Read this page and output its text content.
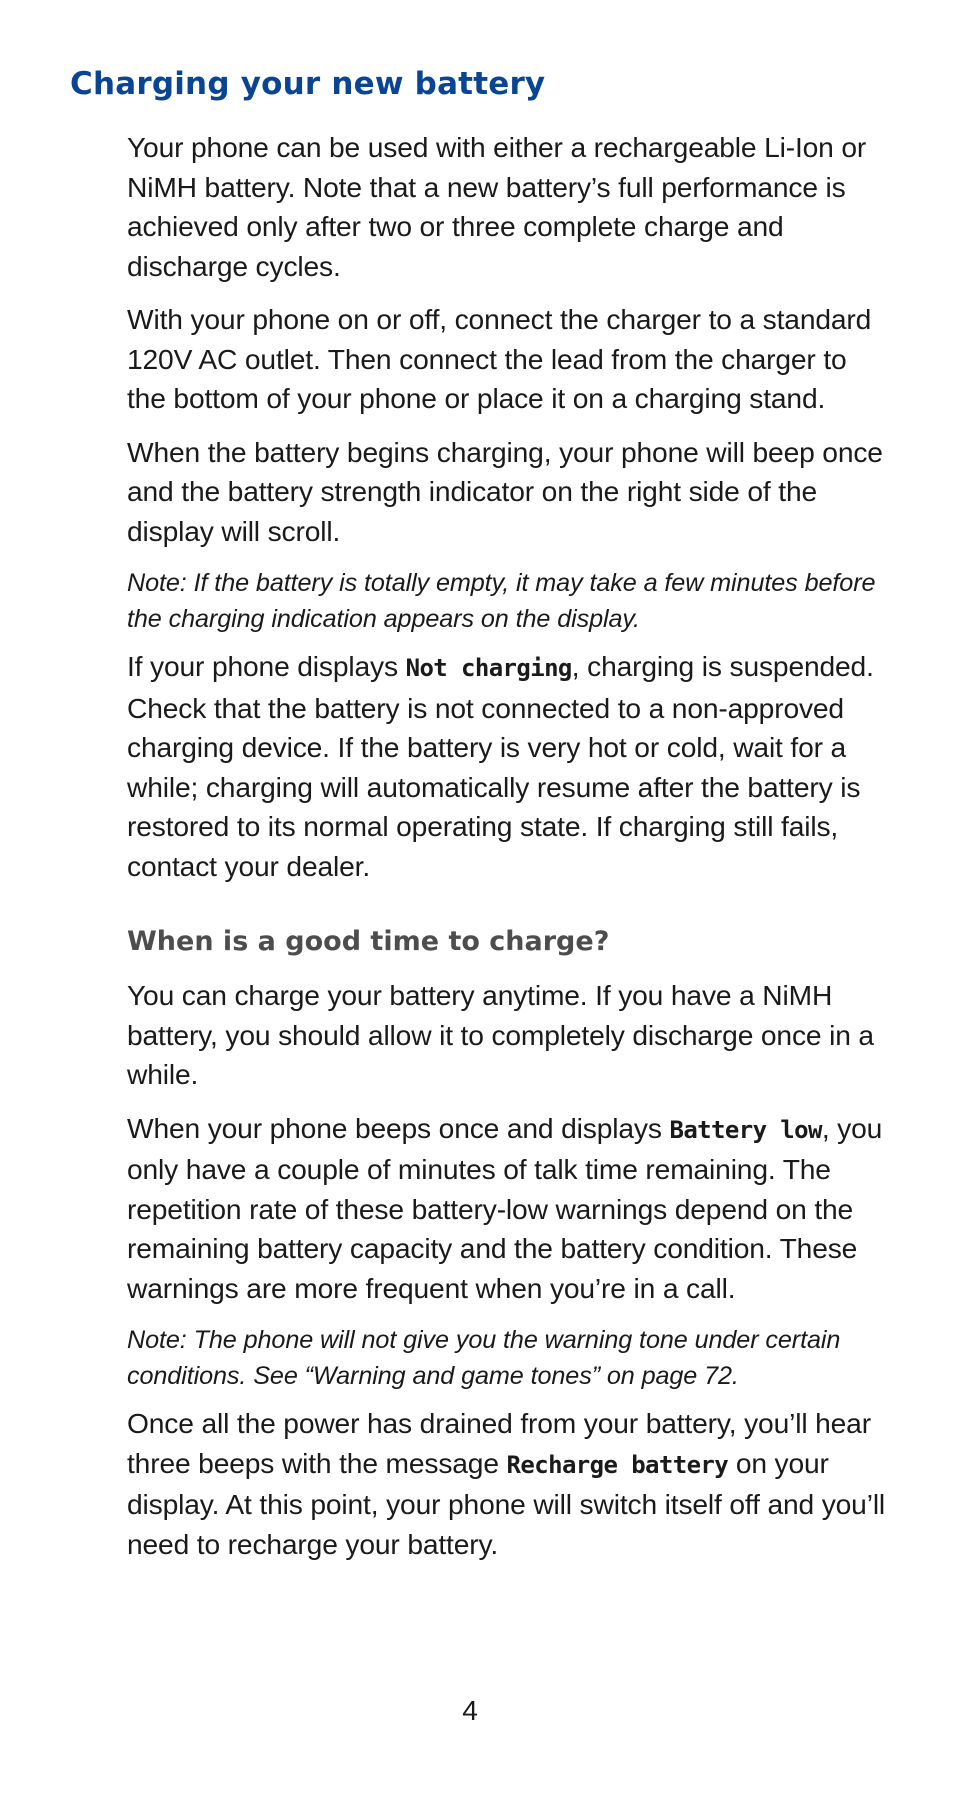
Charging your new battery

Your phone can be used with either a rechargeable Li-Ion or NiMH battery. Note that a new battery’s full performance is achieved only after two or three complete charge and discharge cycles.

With your phone on or off, connect the charger to a standard 120V AC outlet. Then connect the lead from the charger to the bottom of your phone or place it on a charging stand.

When the battery begins charging, your phone will beep once and the battery strength indicator on the right side of the display will scroll.

Note: If the battery is totally empty, it may take a few minutes before the charging indication appears on the display.

If your phone displays Not charging, charging is suspended. Check that the battery is not connected to a non-approved charging device. If the battery is very hot or cold, wait for a while; charging will automatically resume after the battery is restored to its normal operating state. If charging still fails, contact your dealer.

When is a good time to charge?

You can charge your battery anytime. If you have a NiMH battery, you should allow it to completely discharge once in a while.

When your phone beeps once and displays Battery low, you only have a couple of minutes of talk time remaining. The repetition rate of these battery-low warnings depend on the remaining battery capacity and the battery condition. These warnings are more frequent when you’re in a call.

Note: The phone will not give you the warning tone under certain conditions. See “Warning and game tones” on page 72.

Once all the power has drained from your battery, you’ll hear three beeps with the message Recharge battery on your display. At this point, your phone will switch itself off and you’ll need to recharge your battery.

4
